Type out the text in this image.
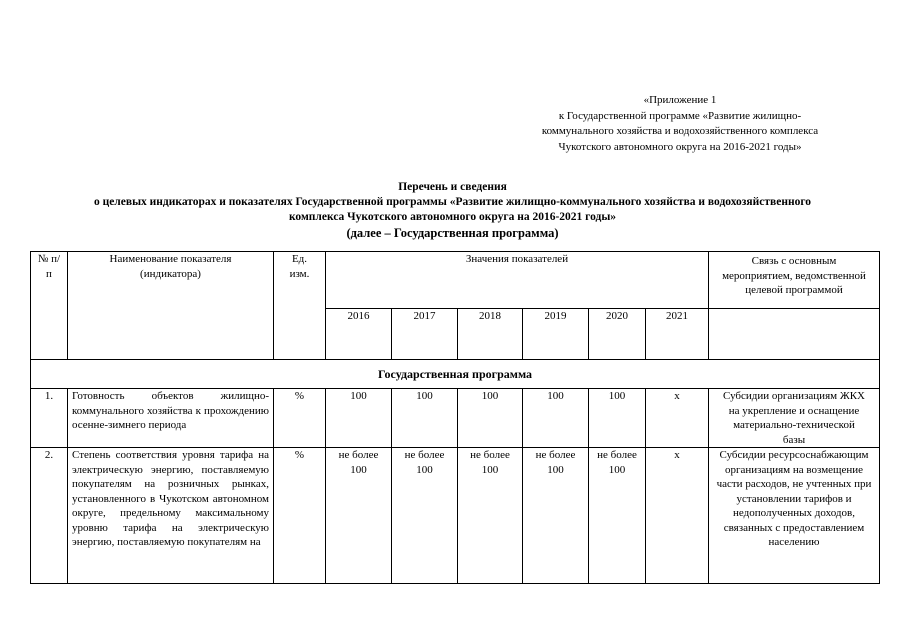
«Приложение 1
к Государственной программе «Развитие жилищно-
коммунального хозяйства и водохозяйственного комплекса
Чукотского автономного округа на 2016-2021 годы»
Перечень и сведения
о целевых индикаторах и показателях Государственной программы «Развитие жилищно-коммунального хозяйства и водохозяйственного
комплекса Чукотского автономного округа на 2016-2021 годы»
(далее – Государственная программа)
№ п/п	Наименование показателя (индикатора)	Ед. изм.	Значения показателей						Связь с основным мероприятием, ведомственной целевой программой
			2016	2017	2018	2019	2020	2021	
Государственная программа									
1.	Готовность объектов жилищно-коммунального хозяйства к прохождению осенне-зимнего периода	%	100	100	100	100	100	х	Субсидии организациям ЖКХ на укрепление и оснащение материально-технической базы
2.	Степень соответствия уровня тарифа на электрическую энергию, поставляемую покупателям на розничных рынках, установленного в Чукотском автономном округе, предельному максимальному уровню тарифа на электрическую энергию, поставляемую покупателям на	%	не более 100	не более 100	не более 100	не более 100	не более 100	х	Субсидии ресурсоснабжающим организациям на возмещение части расходов, не учтенных при установлении тарифов и недополученных доходов, связанных с предоставлением населению
